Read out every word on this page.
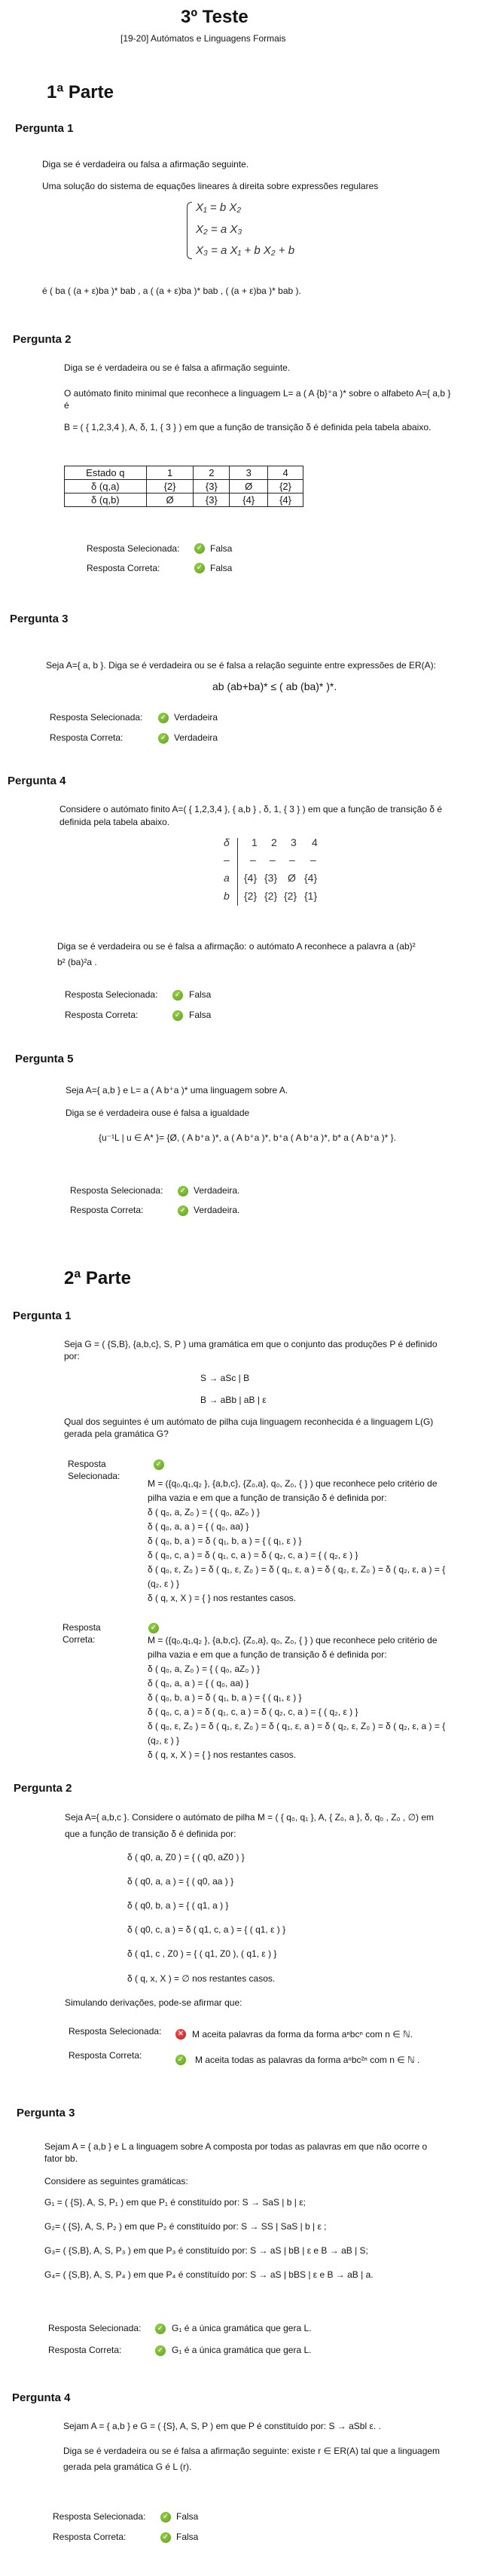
3º Teste
[19-20] Autómatos e Linguagens Formais
1ª Parte
Pergunta 1
Diga se é verdadeira ou falsa a afirmação seguinte.
Uma solução do sistema de equações lineares à direita sobre expressões regulares
X₁ = b X₂
X₂ = a X₃
X₃ = a X₁ + b X₂ + b
é ( ba ( (a + ε)ba )* bab , a ( (a + ε)ba )* bab , ( (a + ε)ba )* bab ).
Pergunta 2
Diga se é verdadeira ou se é falsa a afirmação seguinte.
O autómato finito minimal que reconhece a linguagem L= a ( A {b}⁺a )* sobre o alfabeto A={ a,b }
é
B = ( { 1,2,3,4 }, A, δ, 1, { 3 } ) em que a função de transição δ é definida pela tabela abaixo.
Estado q	1	2	3	4
δ (q,a)	{2}	{3}	Ø	{2}
δ (q,b)	Ø	{3}	{4}	{4}
Resposta Selecionada: ✓ Falsa
Resposta Correta:	✓ Falsa
Pergunta 3
Seja A={ a, b }. Diga se é verdadeira ou se é falsa a relação seguinte entre expressões de ER(A):
ab (ab+ba)* ≤ ( ab (ba)* )*.
Resposta Selecionada: ✓ Verdadeira
Resposta Correta:	✓ Verdadeira
Pergunta 4
Considere o autómato finito A=( { 1,2,3,4 }, { a,b } , δ, 1, { 3 } ) em que a função de transição δ é
definida pela tabela abaixo.
δ 1 2 3 4
– – – – –
a {4} {3} Ø {4}
b {2} {2} {2} {1}
Diga se é verdadeira ou se é falsa a afirmação: o autómato A reconhece a palavra a (ab)²
b² (ba)²a .
Resposta Selecionada: ✓ Falsa
Resposta Correta:	✓ Falsa
Pergunta 5
Seja A={ a,b } e L= a ( A b⁺a )* uma linguagem sobre A.
Diga se é verdadeira ouse é falsa a igualdade
{u⁻¹L | u ∈ A* }= {Ø, ( A b⁺a )*, a ( A b⁺a )*, b⁺a ( A b⁺a )*, b* a ( A b⁺a )* }.
Resposta Selecionada: ✓ Verdadeira.
Resposta Correta:	✓ Verdadeira.
2ª Parte
Pergunta 1
Seja G = ( {S,B}, {a,b,c}, S, P ) uma gramática em que o conjunto das produções P é definido
por:
S → aSc | B
B → aBb | aB | ε
Qual dos seguintes é um autómato de pilha cuja linguagem reconhecida é a linguagem L(G)
gerada pela gramática G?
Resposta
Selecionada:
✓
M = ({q₀,q₁,q₂ }, {a,b,c}, {Z₀,a}, q₀, Z₀, { } ) que reconhece pelo critério de
pilha vazia e em que a função de transição δ é definida por:
δ ( q₀, a, Z₀ ) = { ( q₀, aZ₀ ) }
δ ( q₀, a, a ) = { ( q₀, aa) }
δ ( q₀, b, a ) = δ ( q₁, b, a ) = { ( q₁, ε ) }
δ ( q₀, c, a ) = δ ( q₁, c, a ) = δ ( q₂, c, a ) = { ( q₂, ε ) }
δ ( q₀, ε, Z₀ ) = δ ( q₁, ε, Z₀ ) = δ ( q₁, ε, a ) = δ ( q₂, ε, Z₀ ) = δ ( q₂, ε, a ) = {
(q₂, ε ) }
δ ( q, x, X ) = { } nos restantes casos.
Resposta
Correta:
✓
M = ({q₀,q₁,q₂ }, {a,b,c}, {Z₀,a}, q₀, Z₀, { } ) que reconhece pelo critério de
pilha vazia e em que a função de transição δ é definida por:
δ ( q₀, a, Z₀ ) = { ( q₀, aZ₀ ) }
δ ( q₀, a, a ) = { ( q₀, aa) }
δ ( q₀, b, a ) = δ ( q₁, b, a ) = { ( q₁, ε ) }
δ ( q₀, c, a ) = δ ( q₁, c, a ) = δ ( q₂, c, a ) = { ( q₂, ε ) }
δ ( q₀, ε, Z₀ ) = δ ( q₁, ε, Z₀ ) = δ ( q₁, ε, a ) = δ ( q₂, ε, Z₀ ) = δ ( q₂, ε, a ) = {
(q₂, ε ) }
δ ( q, x, X ) = { } nos restantes casos.
Pergunta 2
Seja A={ a,b,c }. Considere o autómato de pilha M = ( { q₀, q₁ }, A, { Z₀, a }, δ, q₀ , Z₀ , ∅) em
que a função de transição δ é definida por:
δ ( q0, a, Z0 ) = { ( q0, aZ0 ) }
δ ( q0, a, a ) = { ( q0, aa ) }
δ ( q0, b, a ) = { ( q1, a ) }
δ ( q0, c, a ) = δ ( q1, c, a ) = { ( q1, ε ) }
δ ( q1, c , Z0 ) = { ( q1, Z0 ), ( q1, ε ) }
δ ( q, x, X ) = ∅ nos restantes casos.
Simulando derivações, pode-se afirmar que:
Resposta Selecionada: ✕ M aceita palavras da forma da forma aⁿbcⁿ com n ∈ ℕ.
Resposta Correta:	✓ M aceita todas as palavras da forma aⁿbc²ⁿ com n ∈ ℕ .
Pergunta 3
Sejam A = { a,b } e L a linguagem sobre A composta por todas as palavras em que não ocorre o
fator bb.
Considere as seguintes gramáticas:
G₁ = ( {S}, A, S, P₁ ) em que P₁ é constituído por: S → SaS | b | ε;
G₂= ( {S}, A, S, P₂ ) em que P₂ é constituído por: S → SS | SaS | b | ε ;
G₃= ( {S,B}, A, S, P₃ ) em que P₃ é constituído por: S → aS | bB | ε e B → aB | S;
G₄= ( {S,B}, A, S, P₄ ) em que P₄ é constituído por: S → aS | bBS | ε e B → aB | a.
Resposta Selecionada: ✓ G₁ é a única gramática que gera L.
Resposta Correta:	✓ G₁ é a única gramática que gera L.
Pergunta 4
Sejam A = { a,b } e G = ( {S}, A, S, P ) em que P é constituído por: S → aSbl ε. .
Diga se é verdadeira ou se é falsa a afirmação seguinte: existe r ∈ ER(A) tal que a linguagem
gerada pela gramática G é L (r).
Resposta Selecionada: ✓ Falsa
Resposta Correta:	✓ Falsa
